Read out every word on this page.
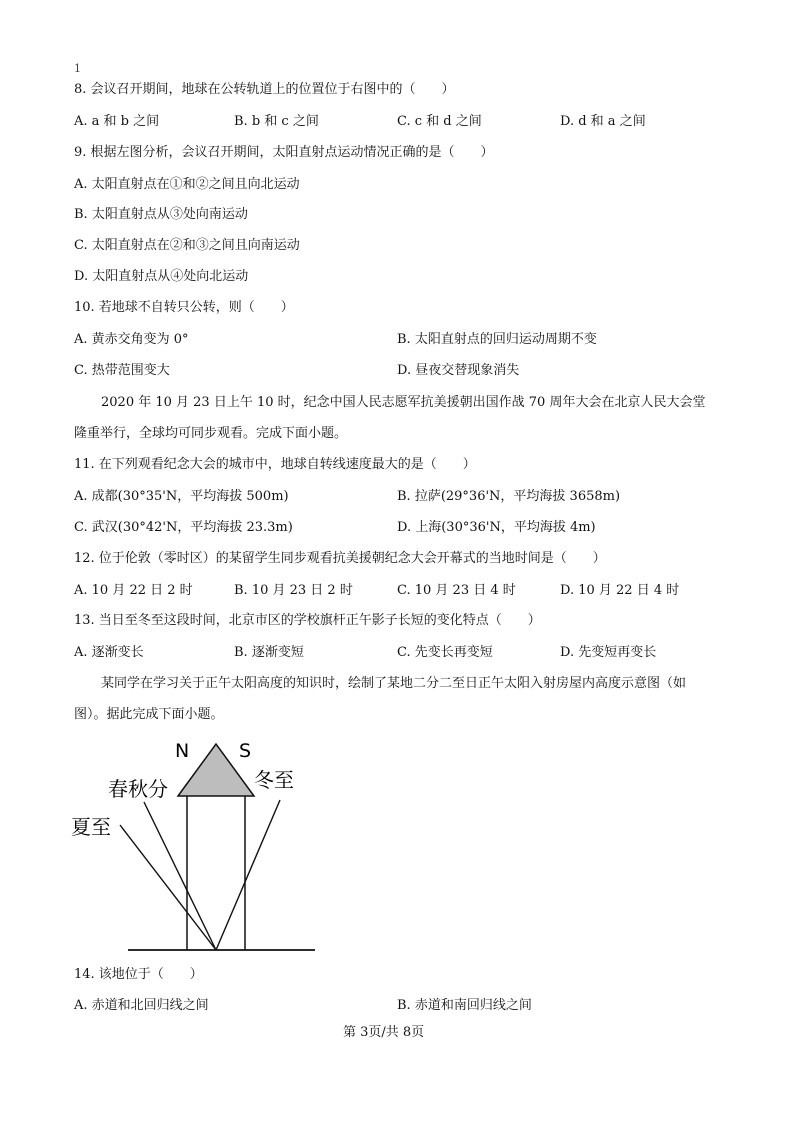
1
8. 会议召开期间，地球在公转轨道上的位置位于右图中的（　　）
A. a 和 b 之间	B. b 和 c 之间	C. c 和 d 之间	D. d 和 a 之间
9. 根据左图分析，会议召开期间，太阳直射点运动情况正确的是（　　）
A. 太阳直射点在①和②之间且向北运动
B. 太阳直射点从③处向南运动
C. 太阳直射点在②和③之间且向南运动
D. 太阳直射点从④处向北运动
10. 若地球不自转只公转，则（　　）
A. 黄赤交角变为 0°	B. 太阳直射点的回归运动周期不变
C. 热带范围变大	D. 昼夜交替现象消失
2020 年 10 月 23 日上午 10 时，纪念中国人民志愿军抗美援朝出国作战 70 周年大会在北京人民大会堂
隆重举行，全球均可同步观看。完成下面小题。
11. 在下列观看纪念大会的城市中，地球自转线速度最大的是（　　）
A. 成都(30°35'N，平均海拔 500m)	B. 拉萨(29°36'N，平均海拔 3658m)
C. 武汉(30°42'N，平均海拔 23.3m)	D. 上海(30°36'N，平均海拔 4m)
12. 位于伦敦（零时区）的某留学生同步观看抗美援朝纪念大会开幕式的当地时间是（　　）
A. 10 月 22 日 2 时	B. 10 月 23 日 2 时	C. 10 月 23 日 4 时	D. 10 月 22 日 4 时
13. 当日至冬至这段时间，北京市区的学校旗杆正午影子长短的变化特点（　　）
A. 逐渐变长	B. 逐渐变短	C. 先变长再变短	D. 先变短再变长
某同学在学习关于正午太阳高度的知识时，绘制了某地二分二至日正午太阳入射房屋内高度示意图（如
图）。据此完成下面小题。
N	S
春秋分	冬至
夏至
14. 该地位于（　　）
A. 赤道和北回归线之间	B. 赤道和南回归线之间
第 3页/共 8页
